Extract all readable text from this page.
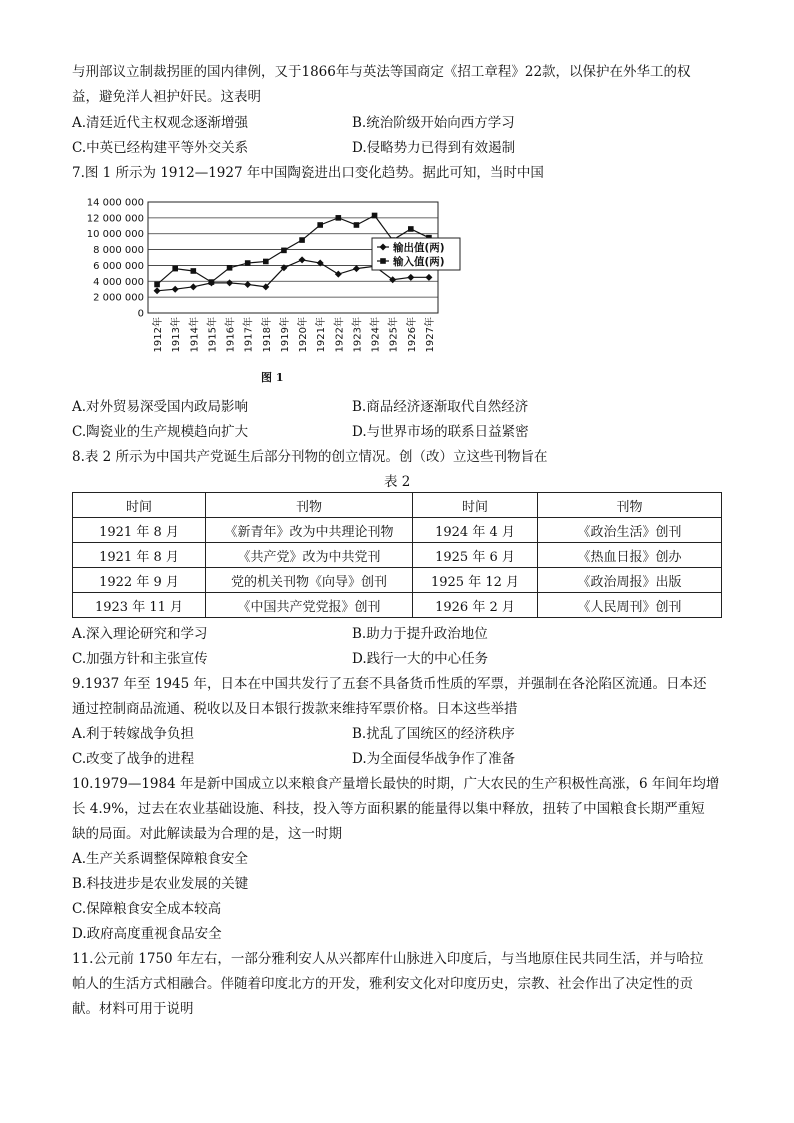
与刑部议立制裁拐匪的国内律例，又于1866年与英法等国商定《招工章程》22款，以保护在外华工的权
益，避免洋人袒护奸民。这表明
A.清廷近代主权观念逐渐增强	B.统治阶级开始向西方学习
C.中英已经构建平等外交关系	D.侵略势力已得到有效遏制
7.图 1 所示为 1912—1927 年中国陶瓷进出口变化趋势。据此可知，当时中国
0
2 000 000
4 000 000
6 000 000
8 000 000
10 000 000
12 000 000
14 000 000
1912年 1913年 1914年 1915年 1916年 1917年 1918年 1919年 1920年 1921年 1922年 1923年 1924年 1925年 1926年 1927年
输出值(两)
输入值(两)
图 1
A.对外贸易深受国内政局影响	B.商品经济逐渐取代自然经济
C.陶瓷业的生产规模趋向扩大	D.与世界市场的联系日益紧密
8.表 2 所示为中国共产党诞生后部分刊物的创立情况。创（改）立这些刊物旨在
表 2
时间	刊物	时间	刊物
1921 年 8 月	《新青年》改为中共理论刊物	1924 年 4 月	《政治生活》创刊
1921 年 8 月	《共产党》改为中共党刊	1925 年 6 月	《热血日报》创办
1922 年 9 月	党的机关刊物《向导》创刊	1925 年 12 月	《政治周报》出版
1923 年 11 月	《中国共产党党报》创刊	1926 年 2 月	《人民周刊》创刊
A.深入理论研究和学习	B.助力于提升政治地位
C.加强方针和主张宣传	D.践行一大的中心任务
9.1937 年至 1945 年，日本在中国共发行了五套不具备货币性质的军票，并强制在各沦陷区流通。日本还
通过控制商品流通、税收以及日本银行拨款来维持军票价格。日本这些举措
A.利于转嫁战争负担	B.扰乱了国统区的经济秩序
C.改变了战争的进程	D.为全面侵华战争作了准备
10.1979—1984 年是新中国成立以来粮食产量增长最快的时期，广大农民的生产积极性高涨，6 年间年均增
长 4.9%，过去在农业基础设施、科技，投入等方面积累的能量得以集中释放，扭转了中国粮食长期严重短
缺的局面。对此解读最为合理的是，这一时期
A.生产关系调整保障粮食安全
B.科技进步是农业发展的关键
C.保障粮食安全成本较高
D.政府高度重视食品安全
11.公元前 1750 年左右，一部分雅利安人从兴都库什山脉进入印度后，与当地原住民共同生活，并与哈拉
帕人的生活方式相融合。伴随着印度北方的开发，雅利安文化对印度历史，宗教、社会作出了决定性的贡
献。材料可用于说明
